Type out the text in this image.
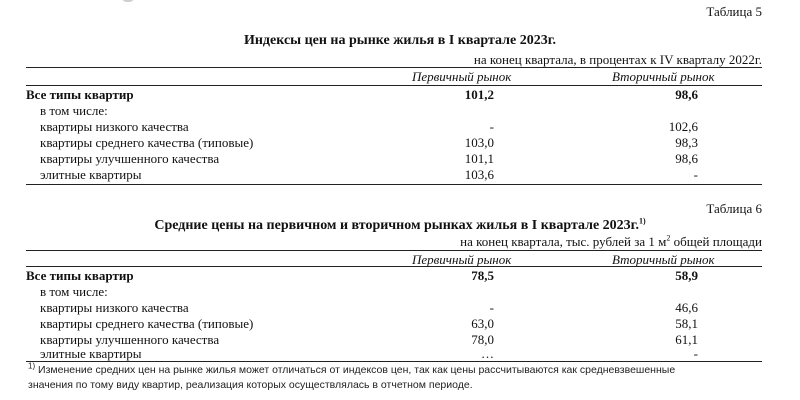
Таблица 5
Индексы цен на рынке жилья в I квартале 2023г.
на конец квартала, в процентах к IV кварталу 2022г.
Первичный рынок	Вторичный рынок
Все типы квартир	101,2	98,6
в том числе:
квартиры низкого качества	-	102,6
квартиры среднего качества (типовые)	103,0	98,3
квартиры улучшенного качества	101,1	98,6
элитные квартиры	103,6	-
Таблица 6
Средние цены на первичном и вторичном рынках жилья в I квартале 2023г.$^{1)}$
на конец квартала, тыс. рублей за 1 $м^2$ общей площади
Первичный рынок	Вторичный рынок
Все типы квартир	78,5	58,9
в том числе:
квартиры низкого качества	-	46,6
квартиры среднего качества (типовые)	63,0	58,1
квартиры улучшенного качества	78,0	61,1
элитные квартиры	…	-
$^{1)}$ Изменение средних цен на рынке жилья может отличаться от индексов цен, так как цены рассчитываются как средневзвешенные
значения по тому виду квартир, реализация которых осуществлялась в отчетном периоде.
